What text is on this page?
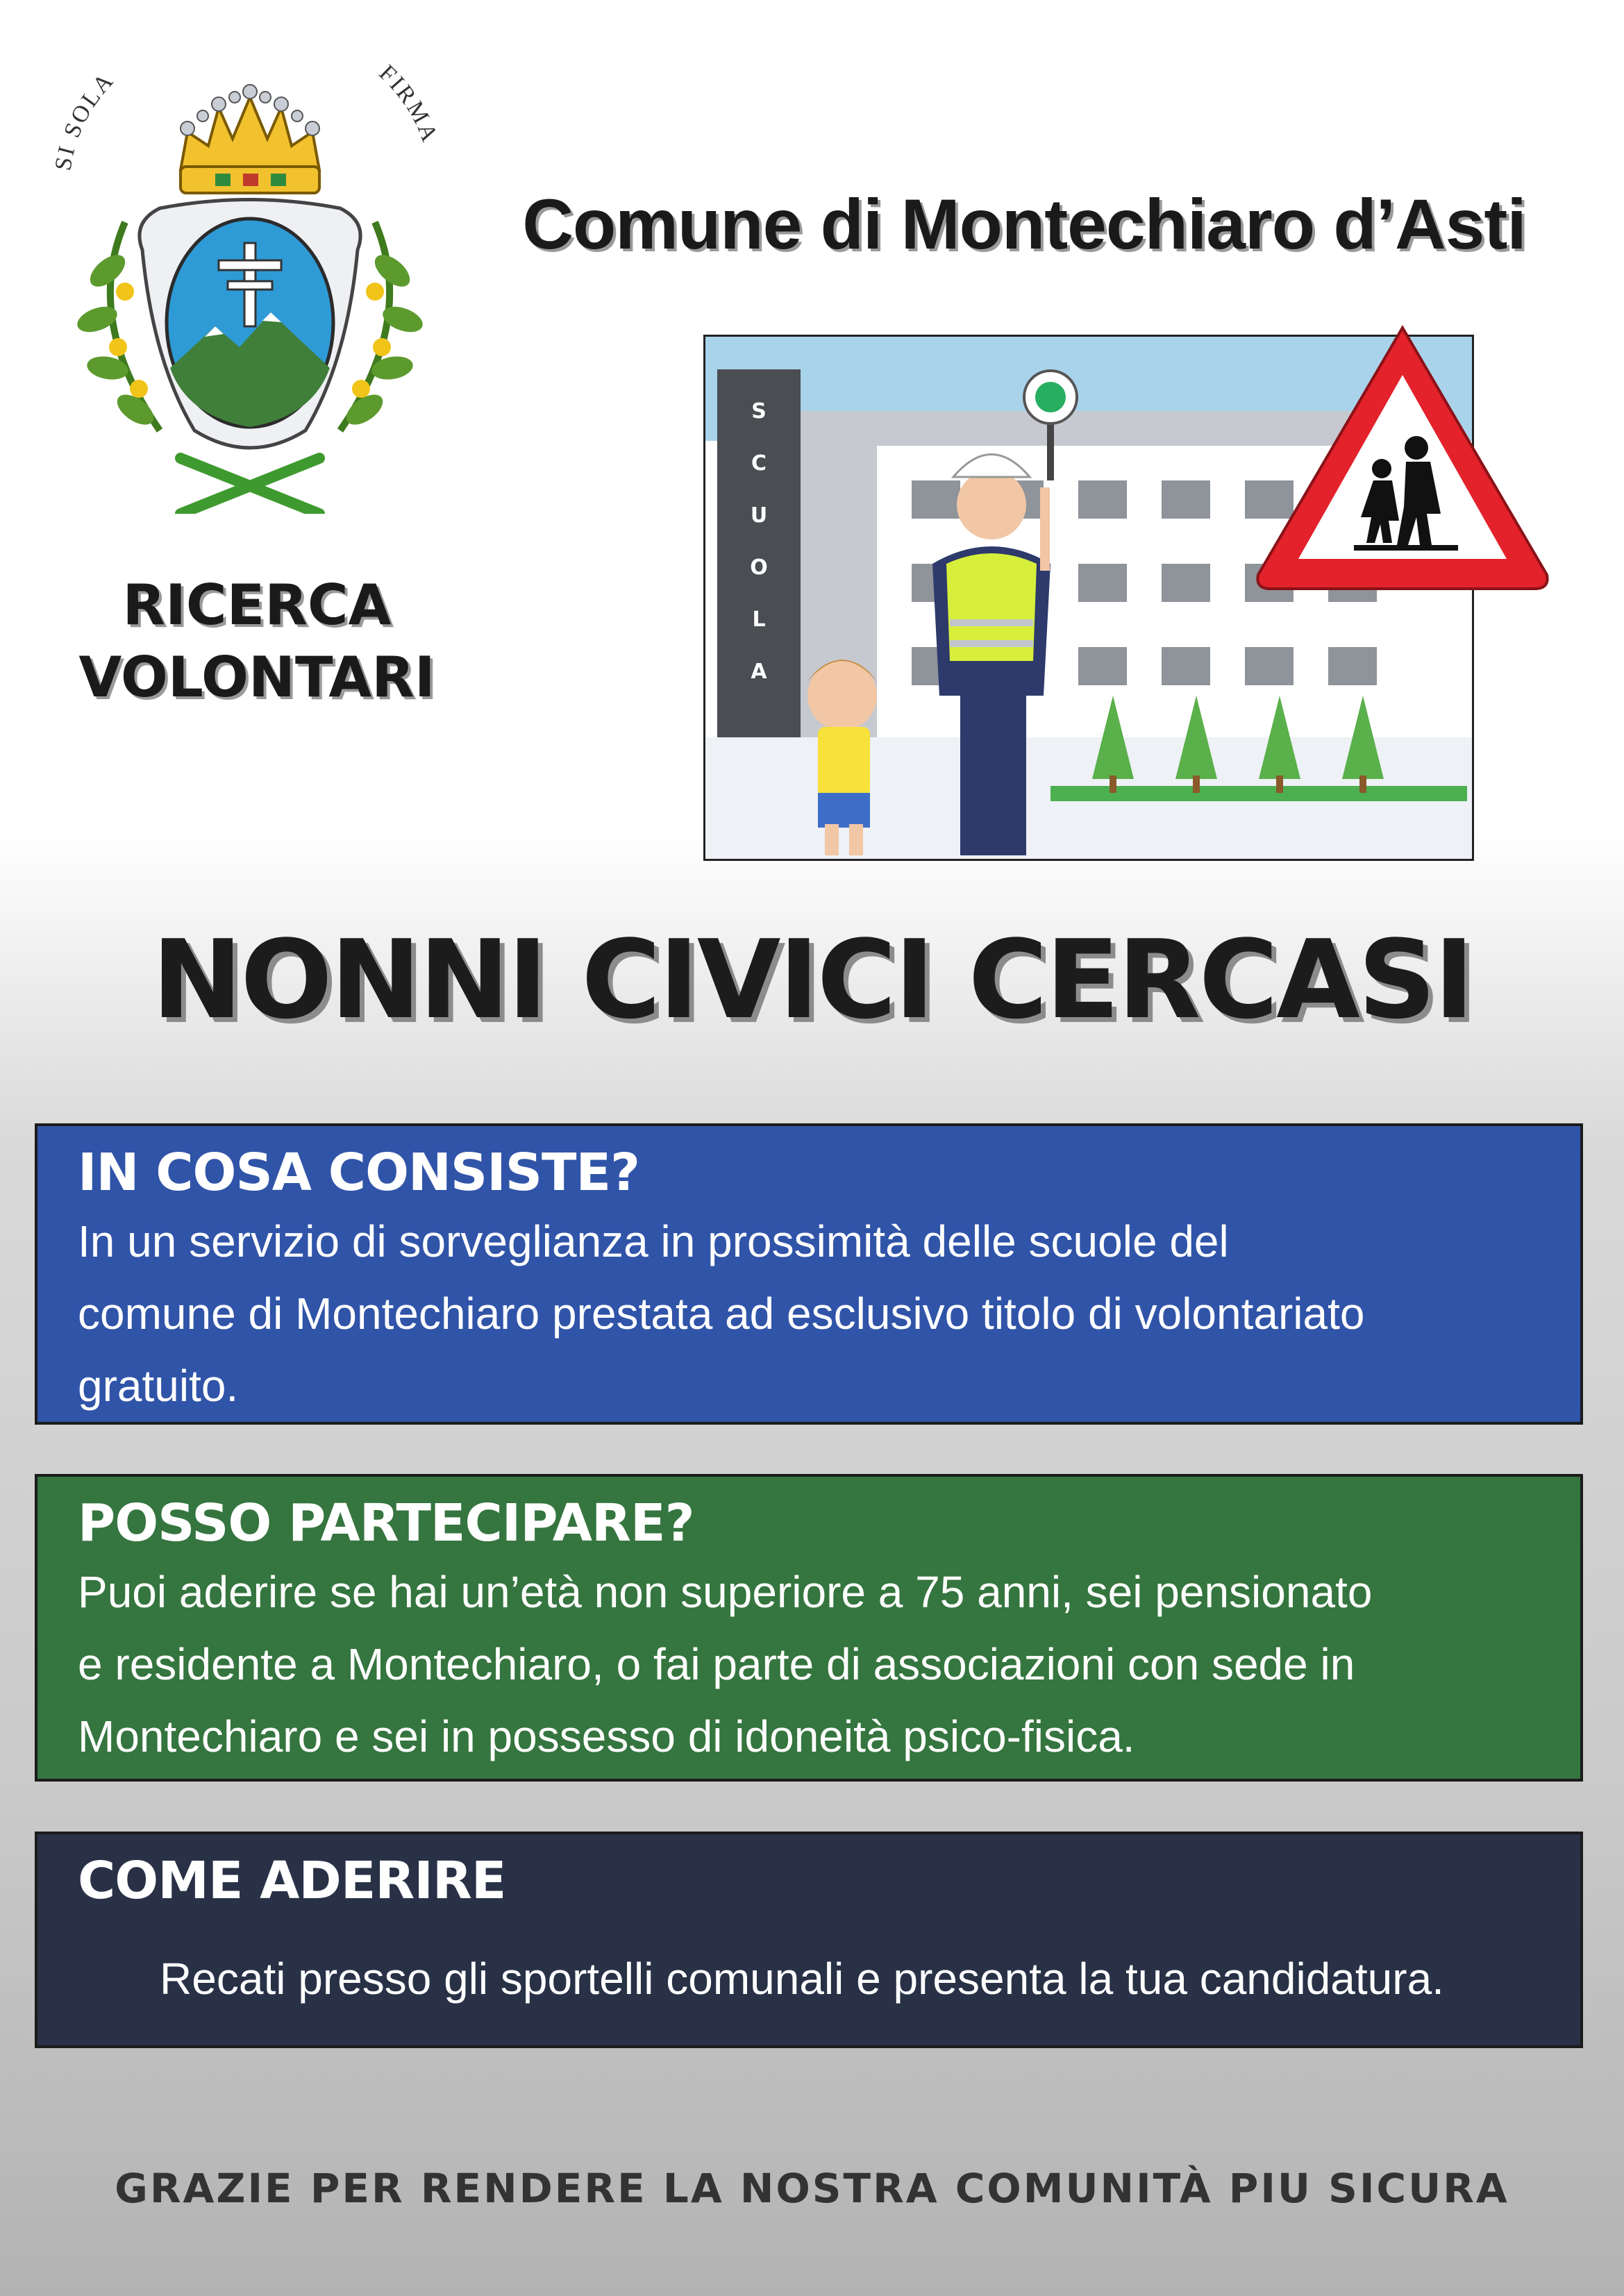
SI SOLA	FIRMA
Comune di Montechiaro d’Asti
RICERCA
VOLONTARI
S
C
U
O
L
A
NONNI CIVICI CERCASI
IN COSA CONSISTE?

In un servizio di sorveglianza in prossimità delle scuole del

comune di Montechiaro prestata ad esclusivo titolo di volontariato

gratuito.

POSSO PARTECIPARE?

Puoi aderire se hai un’età non superiore a 75 anni, sei pensionato

e residente a Montechiaro, o fai parte di associazioni con sede in

Montechiaro e sei in possesso di idoneità psico-fisica.

COME ADERIRE

Recati presso gli sportelli comunali e presenta la tua candidatura.

GRAZIE PER RENDERE LA NOSTRA COMUNITÀ PIU SICURA
